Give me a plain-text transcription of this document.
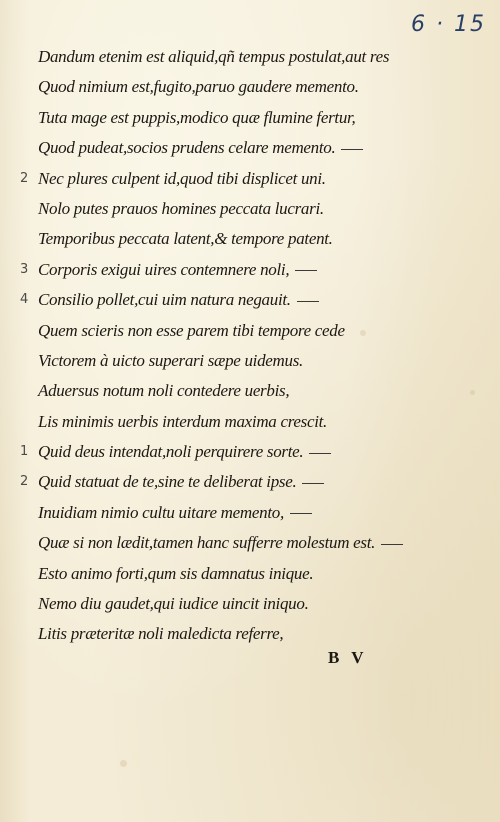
6 · 15
Dandum etenim est aliquid,qñ tempus postulat,aut res
Quod nimium est,fugito,paruo gaudere memento.
Tuta mage est puppis,modico quæ flumine fertur,
Quod pudeat,socios prudens celare memento.
2 Nec plures culpent id,quod tibi displicet uni.
Nolo putes prauos homines peccata lucrari.
Temporibus peccata latent,& tempore patent.
3 Corporis exigui uires contemnere noli,
4 Consilio pollet,cui uim natura negauit.
Quem scieris non esse parem tibi tempore cede
Victorem à uicto superari sæpe uidemus.
Aduersus notum noli contedere uerbis,
Lis minimis uerbis interdum maxima crescit.
1 Quid deus intendat,noli perquirere sorte.
2 Quid statuat de te,sine te deliberat ipse.
Inuidiam nimio cultu uitare memento,
Quæ si non lædit,tamen hanc sufferre molestum est.
Esto animo forti,qum sis damnatus inique.
Nemo diu gaudet,qui iudice uincit iniquo.
Litis præteritæ noli maledicta referre,
B V
